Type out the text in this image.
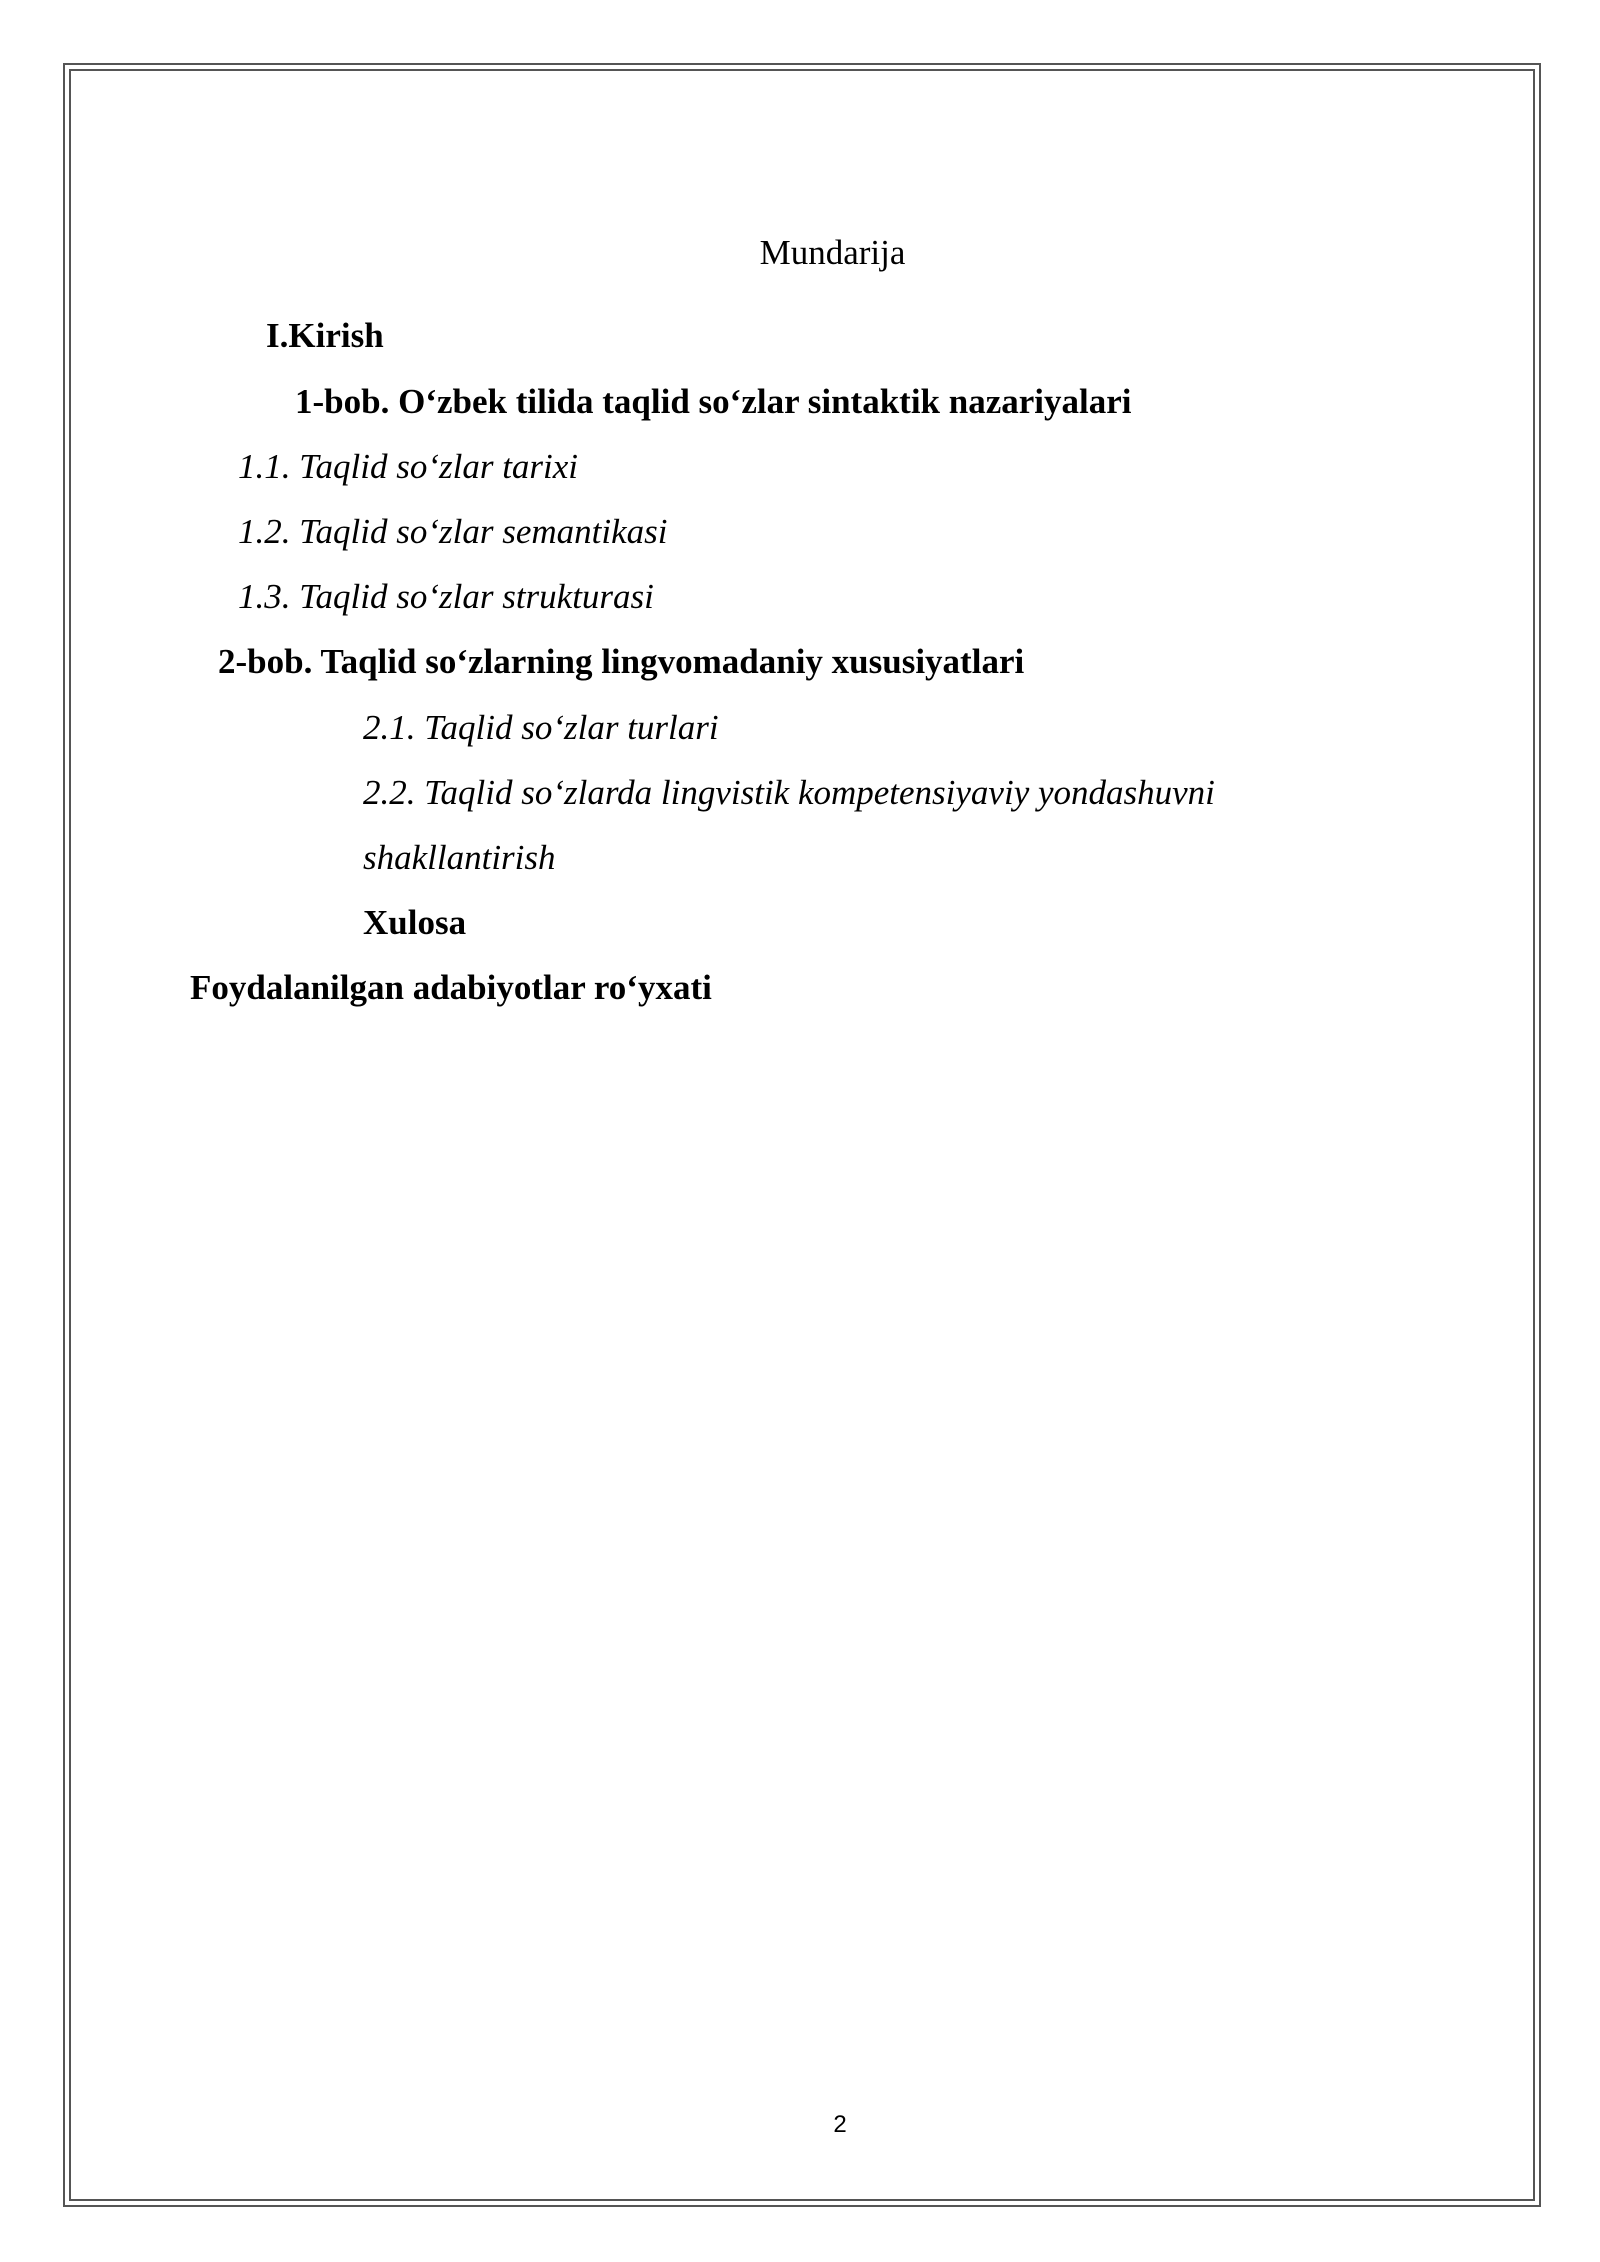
Mundarija
I.Kirish
1-bob. O‘zbek tilida taqlid so‘zlar sintaktik nazariyalari
1.1. Taqlid so‘zlar tarixi
1.2. Taqlid so‘zlar semantikasi
1.3. Taqlid so‘zlar strukturasi
2-bob. Taqlid so‘zlarning lingvomadaniy xususiyatlari
2.1. Taqlid so‘zlar turlari
2.2. Taqlid so‘zlarda lingvistik kompetensiyaviy yondashuvni
shakllantirish
Xulosa
Foydalanilgan adabiyotlar ro‘yxati
2
